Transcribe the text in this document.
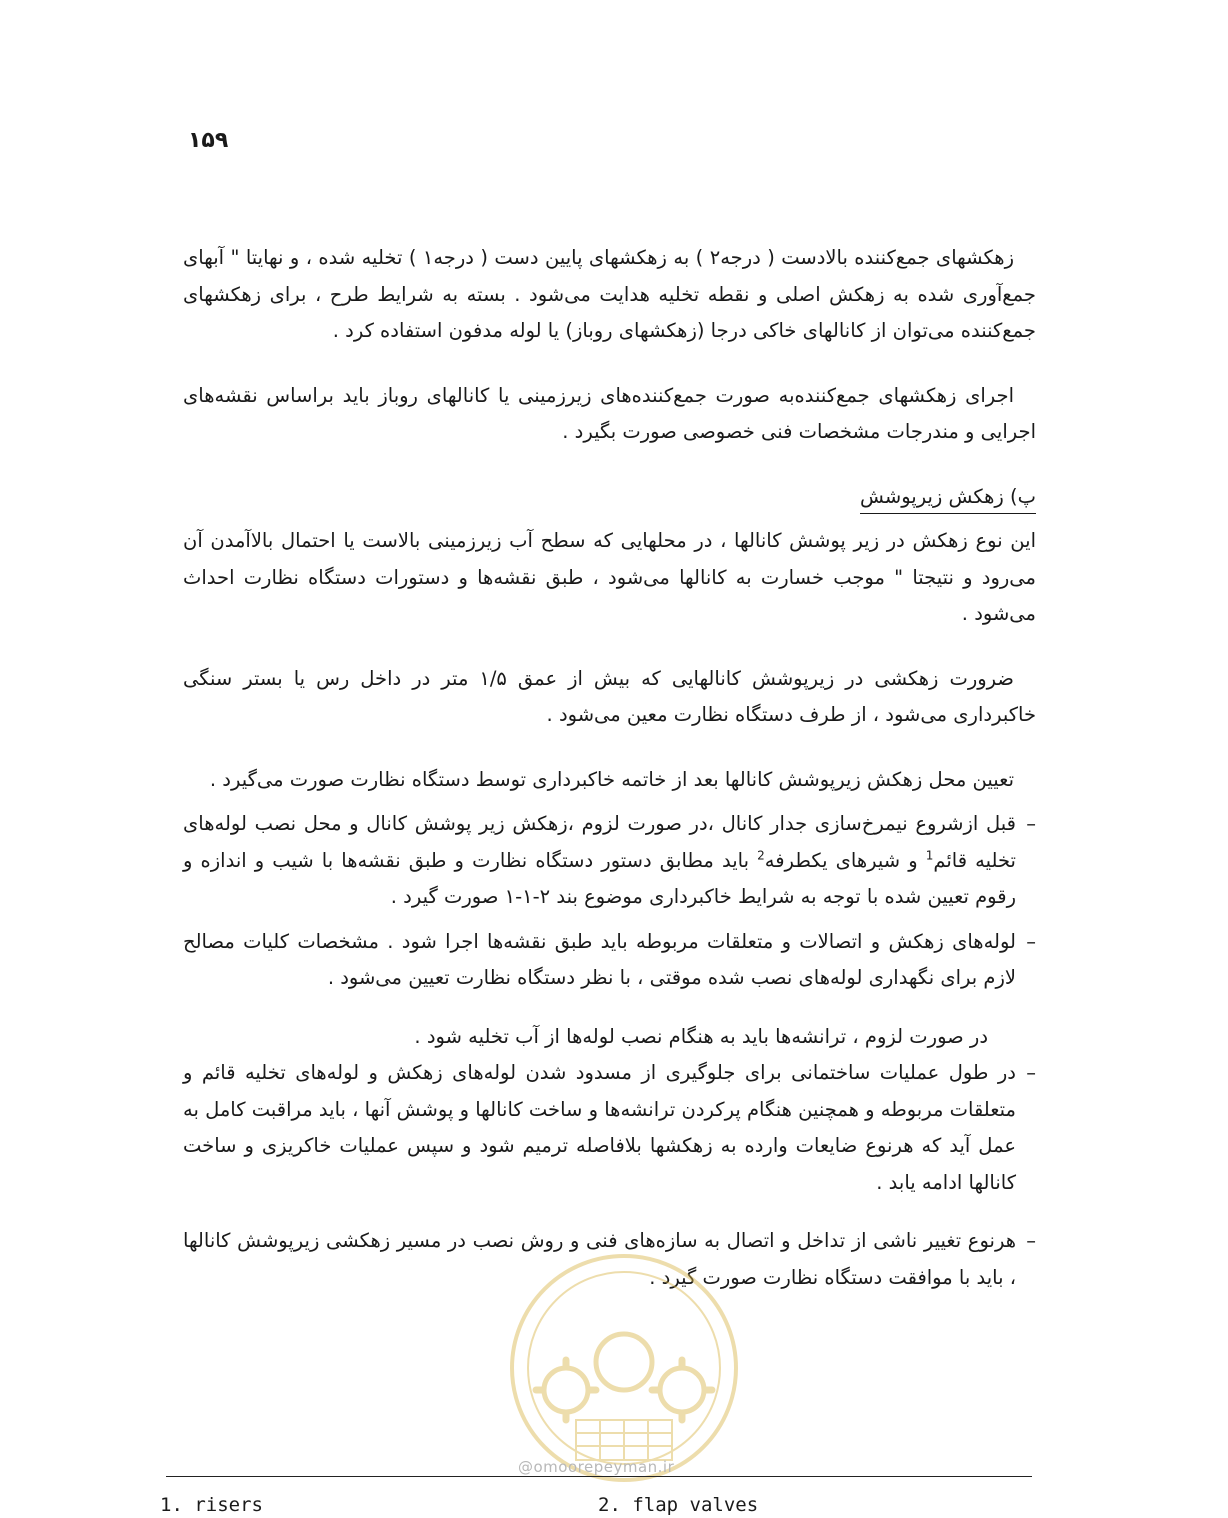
۱۵۹

زهکشهای جمع‌کننده بالادست ( درجه۲ ) به زهکشهای پایین دست ( درجه۱ ) تخلیه شده ، و نهایتا " آبهای جمع‌آوری شده به زهکش اصلی و نقطه تخلیه هدایت می‌شود . بسته به شرایط طرح ، برای زهکشهای جمع‌کننده می‌توان از کانالهای خاکی درجا (زهکشهای روباز) یا لوله مدفون استفاده کرد .

اجرای زهکشهای جمع‌کننده‌به صورت جمع‌کننده‌های زیرزمینی یا کانالهای روباز باید براساس نقشه‌های اجرایی و مندرجات مشخصات فنی خصوصی صورت بگیرد .

پ) زهکش زیرپوشش

این نوع زهکش در زیر پوشش کانالها ، در محلهایی که سطح آب زیرزمینی بالاست یا احتمال بالاآمدن آن می‌رود و نتیجتا " موجب خسارت به کانالها می‌شود ، طبق نقشه‌ها و دستورات دستگاه نظارت احداث می‌شود .

ضرورت زهکشی در زیرپوشش کانالهایی که بیش از عمق ۱/۵ متر در داخل رس یا بستر سنگی خاکبرداری می‌شود ، از طرف دستگاه نظارت معین می‌شود .

تعیین محل زهکش زیرپوشش کانالها بعد از خاتمه خاکبرداری توسط دستگاه نظارت صورت می‌گیرد .

–
قبل ازشروع نیمرخ‌سازی جدار کانال ،در صورت لزوم ،زهکش زیر پوشش کانال و محل نصب لوله‌های تخلیه قائم$^1$ و شیرهای یکطرفه$^2$ باید مطابق دستور دستگاه نظارت و طبق نقشه‌ها با شیب و اندازه و رقوم تعیین شده با توجه به شرایط خاکبرداری موضوع بند ۲-۱-۱ صورت گیرد .
–
لوله‌های زهکش و اتصالات و متعلقات مربوطه باید طبق نقشه‌ها اجرا شود . مشخصات کلیات مصالح لازم برای نگهداری لوله‌های نصب شده موقتی ، با نظر دستگاه نظارت تعیین می‌شود .

در صورت لزوم ، ترانشه‌ها باید به هنگام نصب لوله‌ها از آب تخلیه شود .

–
در طول عملیات ساختمانی برای جلوگیری از مسدود شدن لوله‌های زهکش و لوله‌های تخلیه قائم و متعلقات مربوطه و همچنین هنگام پرکردن ترانشه‌ها و ساخت کانالها و پوشش آنها ، باید مراقبت کامل به عمل آید که هرنوع ضایعات وارده به زهکشها بلافاصله ترمیم شود و سپس عملیات خاکریزی و ساخت کانالها ادامه یابد .
–
هرنوع تغییر ناشی از تداخل و اتصال به سازه‌های فنی و روش نصب در مسیر زهکشی زیرپوشش کانالها ، باید با موافقت دستگاه نظارت صورت گیرد .
@omoorepeyman.ir
1. risers	2. flap valves
